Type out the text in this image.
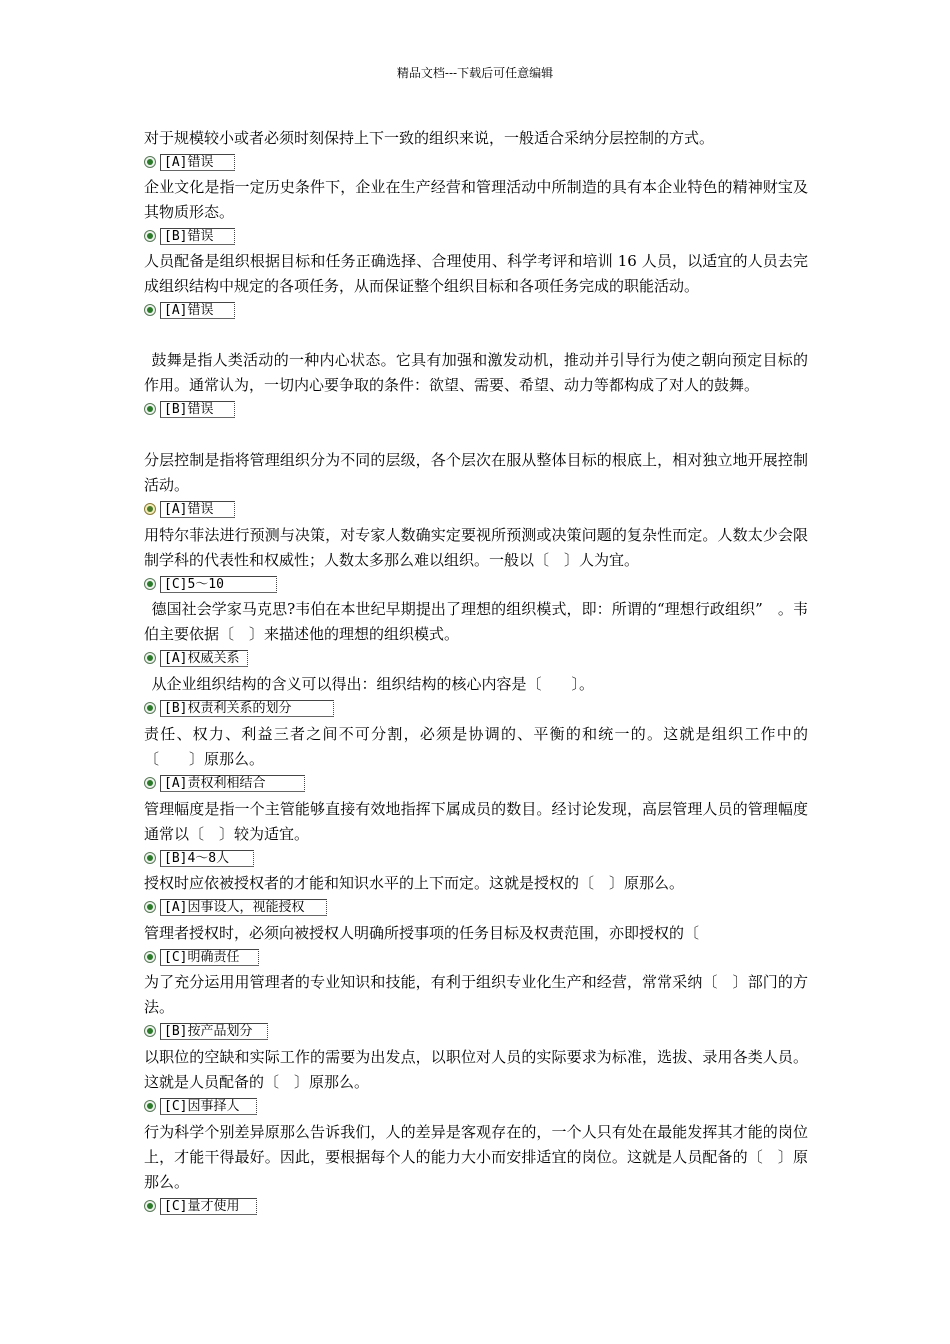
精品文档---下载后可任意编辑
对于规模较小或者必须时刻保持上下一致的组织来说，一般适合采纳分层控制的方式。
[A]错误
企业文化是指一定历史条件下，企业在生产经营和管理活动中所制造的具有本企业特色的精神财宝及其物质形态。
[B]错误
人员配备是组织根据目标和任务正确选择、合理使用、科学考评和培训 16 人员，以适宜的人员去完成组织结构中规定的各项任务，从而保证整个组织目标和各项任务完成的职能活动。
[A]错误
鼓舞是指人类活动的一种内心状态。它具有加强和激发动机，推动并引导行为使之朝向预定目标的作用。通常认为，一切内心要争取的条件：欲望、需要、希望、动力等都构成了对人的鼓舞。
[B]错误
分层控制是指将管理组织分为不同的层级，各个层次在服从整体目标的根底上，相对独立地开展控制活动。
[A]错误
用特尔菲法进行预测与决策，对专家人数确实定要视所预测或决策问题的复杂性而定。人数太少会限制学科的代表性和权威性；人数太多那么难以组织。一般以〔　〕人为宜。
[C]5～10
德国社会学家马克思?韦伯在本世纪早期提出了理想的组织模式，即：所谓的“理想行政组织”　。韦伯主要依据〔　〕来描述他的理想的组织模式。
[A]权威关系
从企业组织结构的含义可以得出：组织结构的核心内容是〔　　〕。
[B]权责利关系的划分
责任、权力、利益三者之间不可分割，必须是协调的、平衡的和统一的。这就是组织工作中的〔　　〕原那么。
[A]责权利相结合
管理幅度是指一个主管能够直接有效地指挥下属成员的数目。经讨论发现，高层管理人员的管理幅度通常以〔　〕较为适宜。
[B]4～8人
授权时应依被授权者的才能和知识水平的上下而定。这就是授权的〔　〕原那么。
[A]因事设人，视能授权
管理者授权时，必须向被授权人明确所授事项的任务目标及权责范围，亦即授权的〔
[C]明确责任
为了充分运用用管理者的专业知识和技能，有利于组织专业化生产和经营，常常采纳〔　〕部门的方法。
[B]按产品划分
以职位的空缺和实际工作的需要为出发点，以职位对人员的实际要求为标准，选拔、录用各类人员。这就是人员配备的〔　〕原那么。
[C]因事择人
行为科学个别差异原那么告诉我们，人的差异是客观存在的，一个人只有处在最能发挥其才能的岗位上，才能干得最好。因此，要根据每个人的能力大小而安排适宜的岗位。这就是人员配备的〔　〕原那么。
[C]量才使用
